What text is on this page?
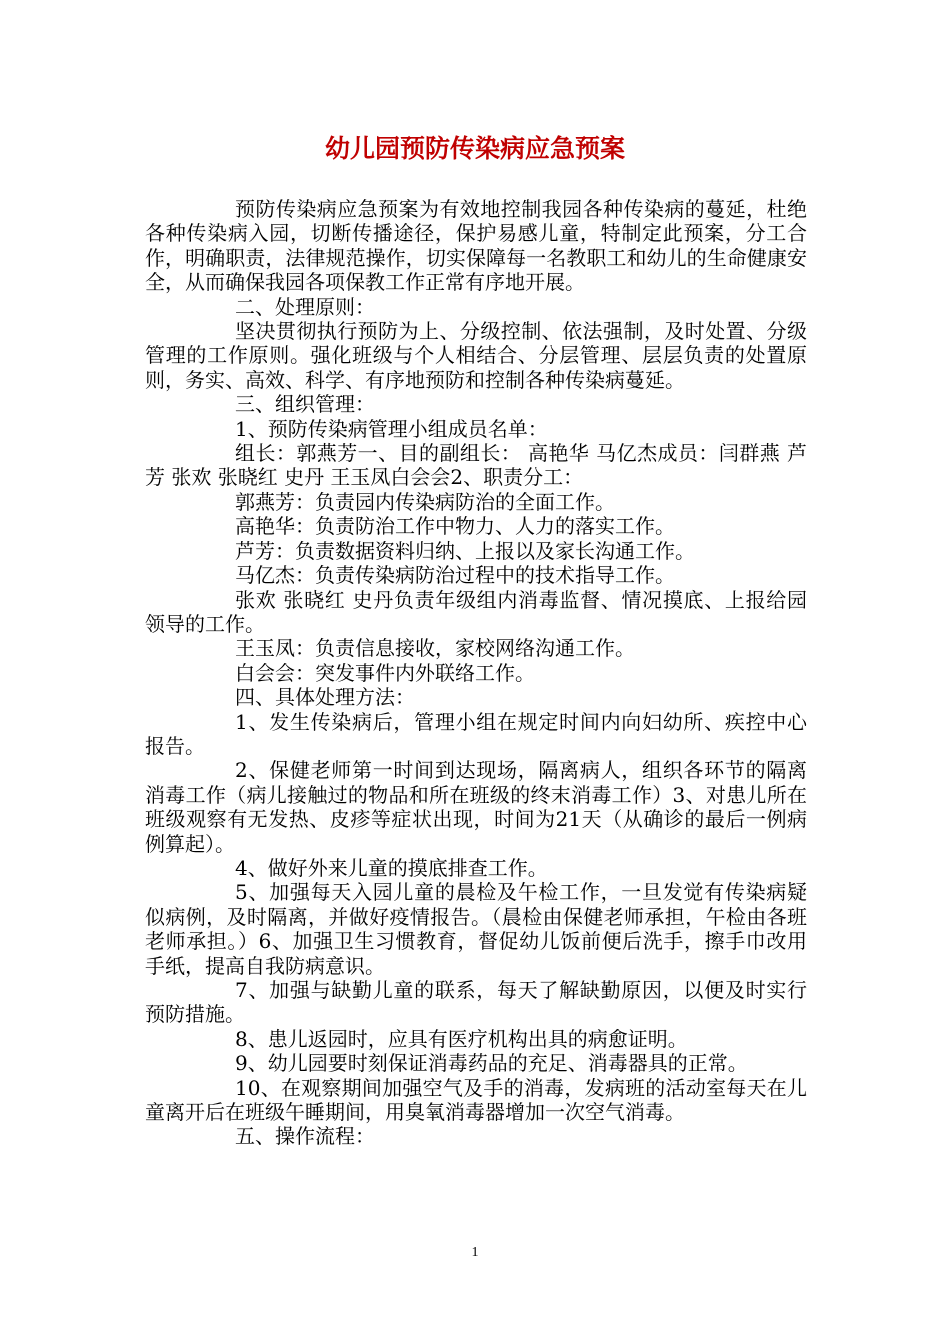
幼儿园预防传染病应急预案

预防传染病应急预案为有效地控制我园各种传染病的蔓延，杜绝各种传染病入园，切断传播途径，保护易感儿童，特制定此预案，分工合作，明确职责，法律规范操作，切实保障每一名教职工和幼儿的生命健康安全，从而确保我园各项保教工作正常有序地开展。

二、处理原则：

坚决贯彻执行预防为上、分级控制、依法强制，及时处置、分级管理的工作原则。强化班级与个人相结合、分层管理、层层负责的处置原则，务实、高效、科学、有序地预防和控制各种传染病蔓延。

三、组织管理：

1、预防传染病管理小组成员名单：

组长：郭燕芳一、目的副组长： 高艳华 马亿杰成员：闫群燕 芦芳 张欢 张晓红 史丹 王玉凤白会会2、职责分工：

郭燕芳：负责园内传染病防治的全面工作。

高艳华：负责防治工作中物力、人力的落实工作。

芦芳：负责数据资料归纳、上报以及家长沟通工作。

马亿杰：负责传染病防治过程中的技术指导工作。

张欢 张晓红 史丹负责年级组内消毒监督、情况摸底、上报给园领导的工作。

王玉凤：负责信息接收，家校网络沟通工作。

白会会：突发事件内外联络工作。

四、具体处理方法：

1、发生传染病后，管理小组在规定时间内向妇幼所、疾控中心报告。

2、保健老师第一时间到达现场，隔离病人，组织各环节的隔离消毒工作（病儿接触过的物品和所在班级的终末消毒工作）3、对患儿所在班级观察有无发热、皮疹等症状出现，时间为21天（从确诊的最后一例病例算起）。

4、做好外来儿童的摸底排查工作。

5、加强每天入园儿童的晨检及午检工作，一旦发觉有传染病疑似病例，及时隔离，并做好疫情报告。（晨检由保健老师承担，午检由各班老师承担。）6、加强卫生习惯教育，督促幼儿饭前便后洗手，擦手巾改用手纸，提高自我防病意识。

7、加强与缺勤儿童的联系，每天了解缺勤原因，以便及时实行预防措施。

8、患儿返园时，应具有医疗机构出具的病愈证明。

9、幼儿园要时刻保证消毒药品的充足、消毒器具的正常。

10、在观察期间加强空气及手的消毒，发病班的活动室每天在儿童离开后在班级午睡期间，用臭氧消毒器增加一次空气消毒。

五、操作流程：

1
